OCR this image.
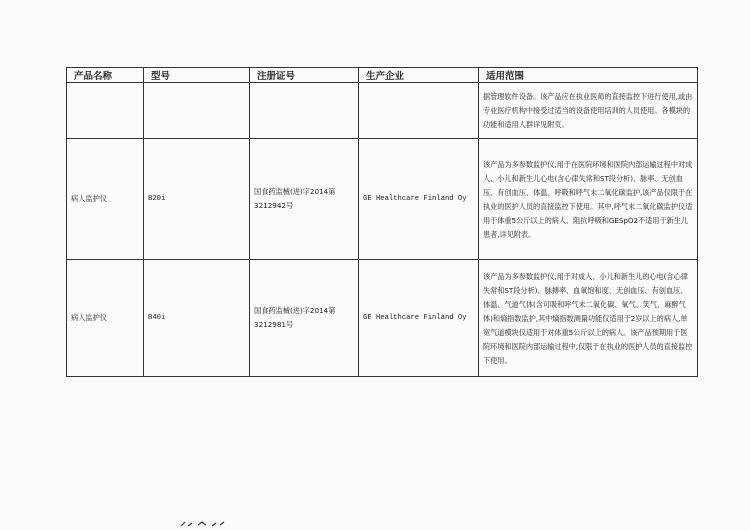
产品名称	型号	注册证号	生产企业	适用范围

				据管理软件设备。该产品应在执业医师的直接监控下进行使用,或由专业医疗机构中接受过适当的设备使用培训的人员使用。各模块的功能和适用人群详见附页。

病人监护仪	B20i	国食药监械(进)字2014第3212942号	GE Healthcare Finland Oy	该产品为多参数监护仪,用于在医院环境和医院内部运输过程中对成人、小儿和新生儿心电(含心律失常和ST段分析)、脉率、无创血压、有创血压、体温、呼吸和呼气末二氧化碳监护,该产品仅限于在执业的医护人员的直接监控下使用。其中,呼气末二氧化碳监护仪适用于体重5公斤以上的病人、阻抗呼吸和GESpO2不适用于新生儿患者,详见附表。

病人监护仪	B40i	国食药监械(进)字2014第3212981号	GE Healthcare Finland Oy	该产品为多参数监护仪,用于对成人、小儿和新生儿的心电(含心律失常和ST段分析)、脉搏率、血氧饱和度、无创血压、有创血压、体温、气道气体(含可吸和呼气末二氧化碳、氧气、笑气、麻醉气体)和熵指数监护,其中熵指数测量功能仅适用于2岁以上的病人,单宽气道模块仅适用于对体重5公斤以上的病人。该产品预期用于医院环境和医院内部运输过程中,仅限于在执业的医护人员的直接监控下使用。
